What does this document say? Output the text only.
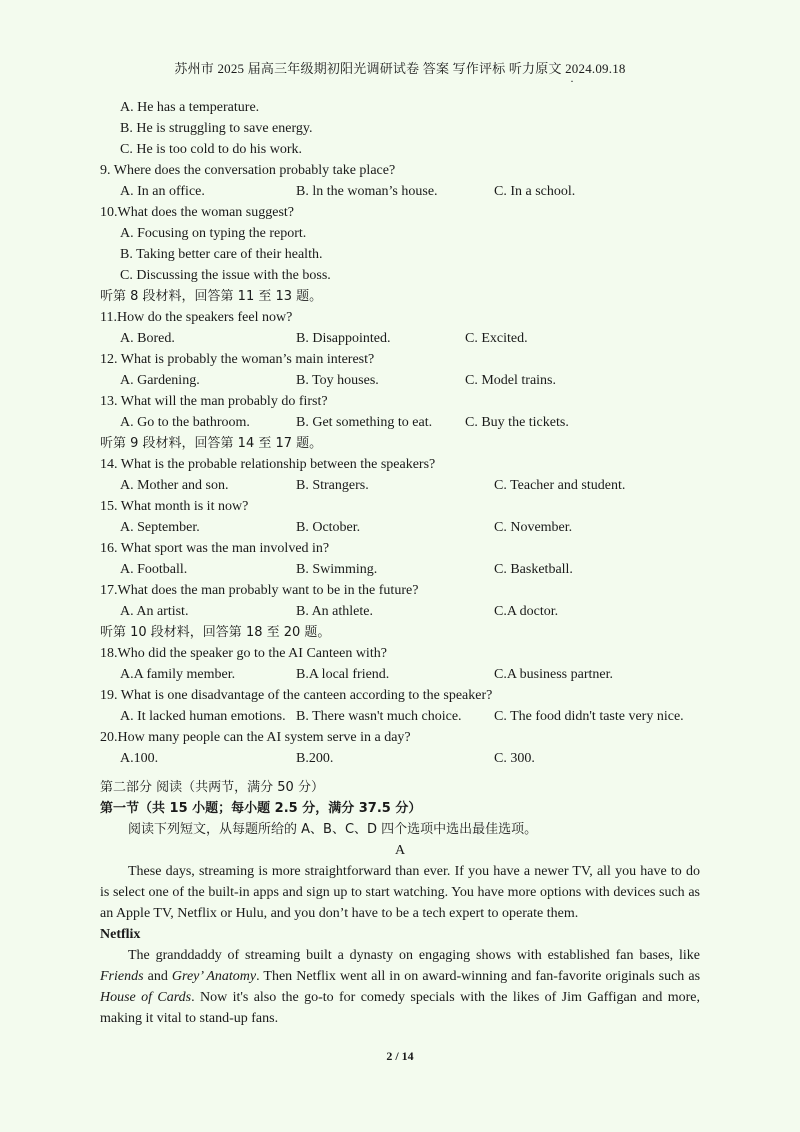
苏州市 2025 届高三年级期初阳光调研试卷 答案 写作评标 听力原文 2024.09.18
·
A. He has a temperature.
B. He is struggling to save energy.
C. He is too cold to do his work.
9. Where does the conversation probably take place?
A. In an office.	B. ln the woman’s house.	C. In a school.
10.What does the woman suggest?
A. Focusing on typing the report.
B. Taking better care of their health.
C. Discussing the issue with the boss.
听第 8 段材料，回答第 11 至 13 题。
11.How do the speakers feel now?
A. Bored.	B. Disappointed.	C. Excited.
12. What is probably the woman’s main interest?
A. Gardening.	B. Toy houses.	C. Model trains.
13. What will the man probably do first?
A. Go to the bathroom.	B. Get something to eat. C. Buy the tickets.
听第 9 段材料，回答第 14 至 17 题。
14. What is the probable relationship between the speakers?
A. Mother and son.	B. Strangers.	C. Teacher and student.
15. What month is it now?
A. September.	B. October.	C. November.
16. What sport was the man involved in?
A. Football.	B. Swimming.	C. Basketball.
17.What does the man probably want to be in the future?
A. An artist.	B. An athlete.	C.A doctor.
听第 10 段材料，回答第 18 至 20 题。
18.Who did the speaker go to the AI Canteen with?
A.A family member.	B.A local friend.	C.A business partner.
19. What is one disadvantage of the canteen according to the speaker?
A. It lacked human emotions. B. There wasn't much choice. C. The food didn't taste very nice.
20.How many people can the AI system serve in a day?
A.100.	B.200.	C. 300.
第二部分 阅读（共两节，满分 50 分）
第一节（共 15 小题；每小题 2.5 分，满分 37.5 分）
阅读下列短文，从每题所给的 A、B、C、D 四个选项中选出最佳选项。
A

These days, streaming is more straightforward than ever. If you have a newer TV, all you have to do is select one of the built-in apps and sign up to start watching. You have more options with devices such as an Apple TV, Netflix or Hulu, and you don’t have to be a tech expert to operate them.

Netflix

The granddaddy of streaming built a dynasty on engaging shows with established fan bases, like Friends and Grey’ Anatomy. Then Netflix went all in on award-winning and fan-favorite originals such as House of Cards. Now it's also the go-to for comedy specials with the likes of Jim Gaffigan and more, making it vital to stand-up fans.

2 / 14
